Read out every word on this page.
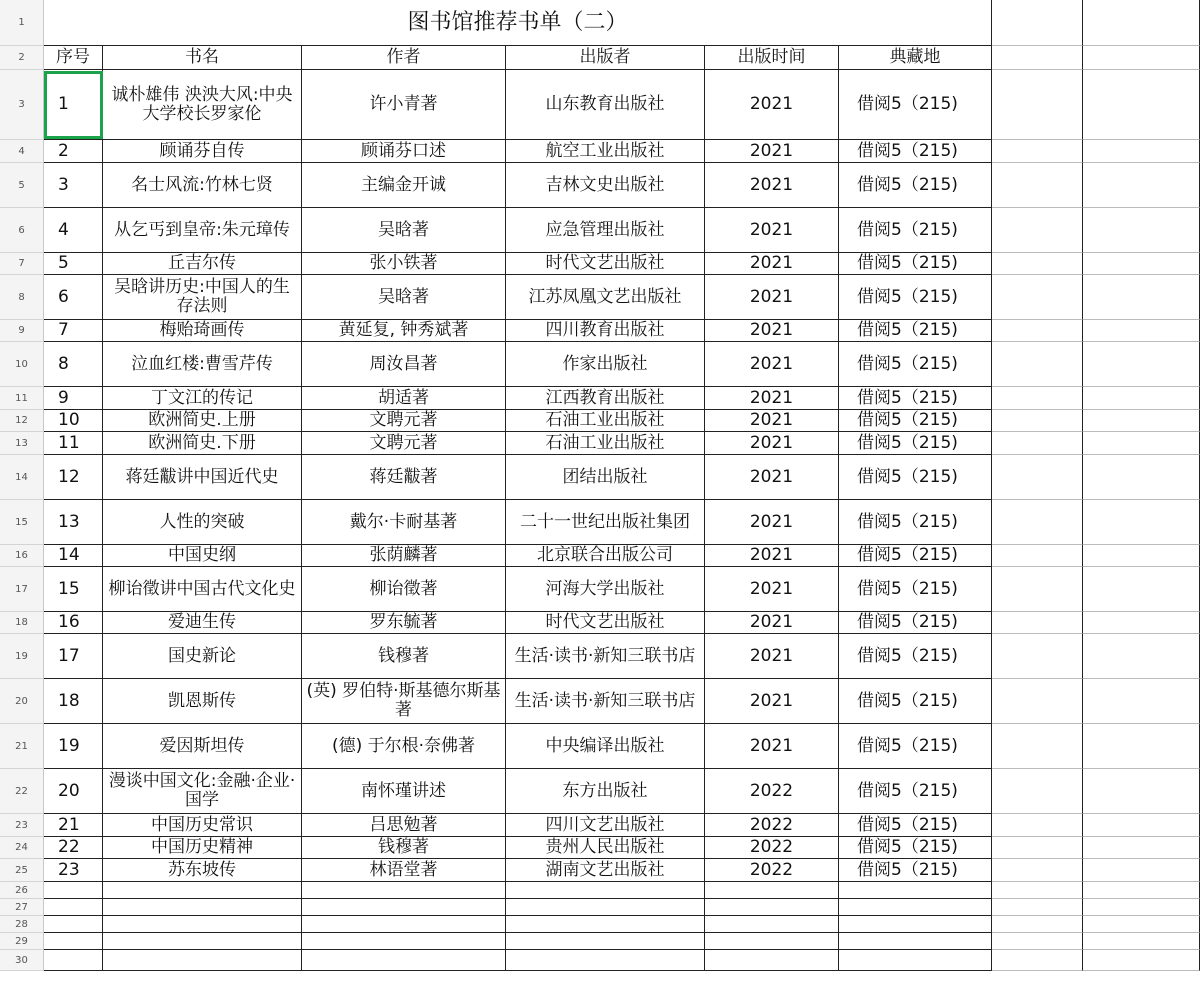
1	图书馆推荐书单（二）
2	序号	书名	作者	出版者	出版时间	典藏地
3	1	诚朴雄伟 泱泱大风:中央大学校长罗家伦	许小青著	山东教育出版社	2021	借阅5（215)
4	2	顾诵芬自传	顾诵芬口述	航空工业出版社	2021	借阅5（215)
5	3	名士风流:竹林七贤	主编金开诚	吉林文史出版社	2021	借阅5（215)
6	4	从乞丐到皇帝:朱元璋传	吴晗著	应急管理出版社	2021	借阅5（215)
7	5	丘吉尔传	张小铁著	时代文艺出版社	2021	借阅5（215)
8	6	吴晗讲历史:中国人的生存法则	吴晗著	江苏凤凰文艺出版社	2021	借阅5（215)
9	7	梅贻琦画传	黄延复, 钟秀斌著	四川教育出版社	2021	借阅5（215)
10	8	泣血红楼:曹雪芹传	周汝昌著	作家出版社	2021	借阅5（215)
11	9	丁文江的传记	胡适著	江西教育出版社	2021	借阅5（215)
12	10	欧洲简史.上册	文聘元著	石油工业出版社	2021	借阅5（215)
13	11	欧洲简史.下册	文聘元著	石油工业出版社	2021	借阅5（215)
14	12	蒋廷黻讲中国近代史	蒋廷黻著	团结出版社	2021	借阅5（215)
15	13	人性的突破	戴尔·卡耐基著	二十一世纪出版社集团	2021	借阅5（215)
16	14	中国史纲	张荫麟著	北京联合出版公司	2021	借阅5（215)
17	15 柳诒徵讲中国古代文化史	柳诒徵著	河海大学出版社	2021	借阅5（215)
18	16	爱迪生传	罗东毓著	时代文艺出版社	2021	借阅5（215)
19	17	国史新论	钱穆著	生活·读书·新知三联书店	2021	借阅5（215)
20	18	凯恩斯传	(英) 罗伯特·斯基德尔斯基著	生活·读书·新知三联书店	2021	借阅5（215)
21	19	爱因斯坦传	(德) 于尔根·奈佛著	中央编译出版社	2021	借阅5（215)
22	20	漫谈中国文化:金融·企业·国学	南怀瑾讲述	东方出版社	2022	借阅5（215)
23	21	中国历史常识	吕思勉著	四川文艺出版社	2022	借阅5（215)
24	22	中国历史精神	钱穆著	贵州人民出版社	2022	借阅5（215)
25	23	苏东坡传	林语堂著	湖南文艺出版社	2022	借阅5（215)
26
27
28
29
30
